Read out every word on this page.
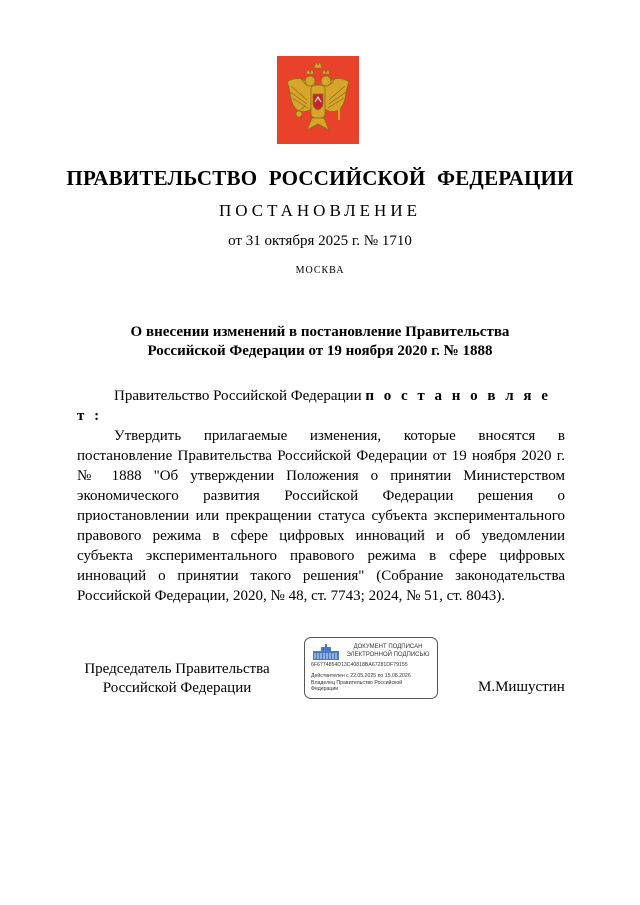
ПРАВИТЕЛЬСТВО РОССИЙСКОЙ ФЕДЕРАЦИИ
ПОСТАНОВЛЕНИЕ
от 31 октября 2025 г. № 1710
МОСКВА
О внесении изменений в постановление Правительства
Российской Федерации от 19 ноября 2020 г. № 1888

Правительство Российской Федерации п о с т а н о в л я е т :

Утвердить прилагаемые изменения, которые вносятся в постановление Правительства Российской Федерации от 19 ноября 2020 г. № 1888 "Об утверждении Положения о принятии Министерством экономического развития Российской Федерации решения о приостановлении или прекращении статуса субъекта экспериментального правового режима в сфере цифровых инноваций и об уведомлении субъекта экспериментального правового режима в сфере цифровых инноваций о принятии такого решения" (Собрание законодательства Российской Федерации, 2020, № 48, ст. 7743; 2024, № 51, ст. 8043).

Председатель Правительства
Российской Федерации
ДОКУМЕНТ ПОДПИСАН
ЭЛЕКТРОННОЙ ПОДПИСЬЮ
6F6774854D13C40818BA67281DF79155
Действителен с 22.05.2025 по 15.08.2026
Владелец Правительство Российской
Федерации	М.Мишустин
